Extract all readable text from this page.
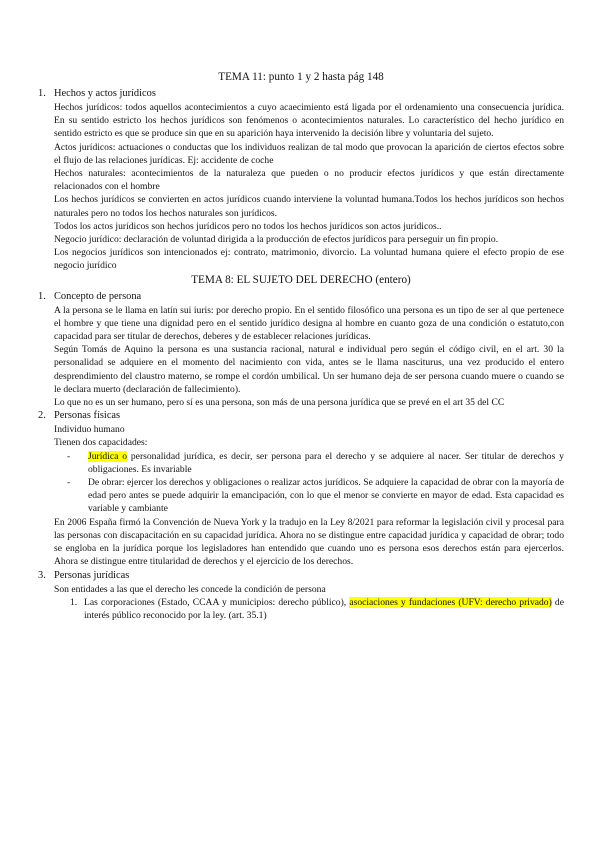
TEMA 11: punto 1 y 2 hasta pág 148
1. Hechos y actos jurídicos

Hechos jurídicos: todos aquellos acontecimientos a cuyo acaecimiento está ligada por el ordenamiento una consecuencia jurídica. En su sentido estricto los hechos jurídicos son fenómenos o acontecimientos naturales. Lo característico del hecho jurídico en sentido estricto es que se produce sin que en su aparición haya intervenido la decisión libre y voluntaria del sujeto.

Actos jurídicos: actuaciones o conductas que los individuos realizan de tal modo que provocan la aparición de ciertos efectos sobre el flujo de las relaciones jurídicas. Ej: accidente de coche

Hechos naturales: acontecimientos de la naturaleza que pueden o no producir efectos jurídicos y que están directamente relacionados con el hombre

Los hechos jurídicos se convierten en actos jurídicos cuando interviene la voluntad humana.Todos los hechos jurídicos son hechos naturales pero no todos los hechos naturales son jurídicos.

Todos los actos jurídicos son hechos jurídicos pero no todos los hechos jurídicos son actos jurídicos..

Negocio jurídico: declaración de voluntad dirigida a la producción de efectos jurídicos para perseguir un fin propio.

Los negocios jurídicos son intencionados ej: contrato, matrimonio, divorcio. La voluntad humana quiere el efecto propio de ese negocio jurídico

TEMA 8: EL SUJETO DEL DERECHO (entero)
1. Concepto de persona

A la persona se le llama en latín sui iuris: por derecho propio. En el sentido filosófico una persona es un tipo de ser al que pertenece el hombre y que tiene una dignidad pero en el sentido jurídico designa al hombre en cuanto goza de una condición o estatuto,con capacidad para ser titular de derechos, deberes y de establecer relaciones jurídicas.

Según Tomás de Aquino la persona es una sustancia racional, natural e individual pero según el código civil, en el art. 30 la personalidad se adquiere en el momento del nacimiento con vida, antes se le llama nasciturus, una vez producido el entero desprendimiento del claustro materno, se rompe el cordón umbilical. Un ser humano deja de ser persona cuando muere o cuando se le declara muerto (declaración de fallecimiento).

Lo que no es un ser humano, pero sí es una persona, son más de una persona jurídica que se prevé en el art 35 del CC

2. Personas físicas

Individuo humano

Tienen dos capacidades:

- Jurídica o personalidad jurídica, es decir, ser persona para el derecho y se adquiere al nacer. Ser titular de derechos y obligaciones. Es invariable
- De obrar: ejercer los derechos y obligaciones o realizar actos jurídicos. Se adquiere la capacidad de obrar con la mayoría de edad pero antes se puede adquirir la emancipación, con lo que el menor se convierte en mayor de edad. Esta capacidad es variable y cambiante

En 2006 España firmó la Convención de Nueva York y la tradujo en la Ley 8/2021 para reformar la legislación civil y procesal para las personas con discapacitación en su capacidad jurídica. Ahora no se distingue entre capacidad jurídica y capacidad de obrar; todo se engloba en la jurídica porque los legisladores han entendido que cuando uno es persona esos derechos están para ejercerlos. Ahora se distingue entre titularidad de derechos y el ejercicio de los derechos.

3. Personas jurídicas

Son entidades a las que el derecho les concede la condición de persona

1. Las corporaciones (Estado, CCAA y municipios: derecho público), asociaciones y fundaciones (UFV: derecho privado) de interés público reconocido por la ley. (art. 35.1)
